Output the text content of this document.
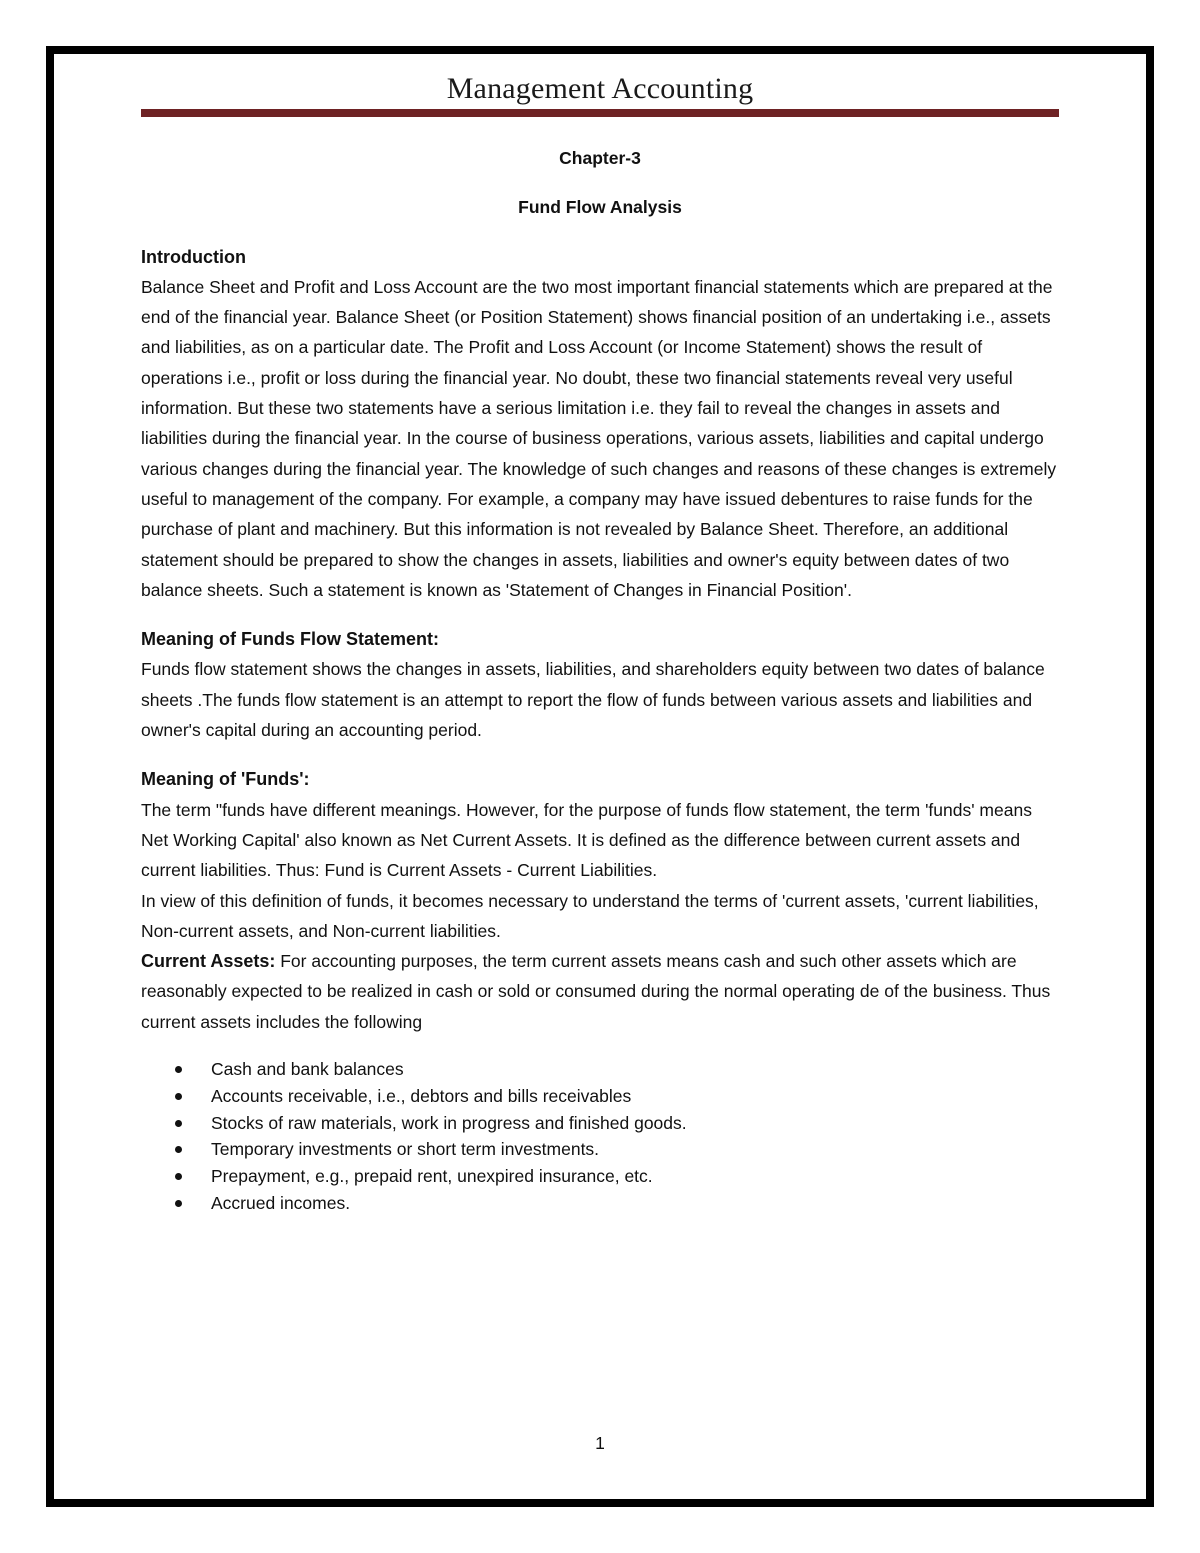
Management Accounting

Chapter-3

Fund Flow Analysis

Introduction

Balance Sheet and Profit and Loss Account are the two most important financial statements which are prepared at the end of the financial year. Balance Sheet (or Position Statement) shows financial position of an undertaking i.e., assets and liabilities, as on a particular date. The Profit and Loss Account (or Income Statement) shows the result of operations i.e., profit or loss during the financial year. No doubt, these two financial statements reveal very useful information. But these two statements have a serious limitation i.e. they fail to reveal the changes in assets and liabilities during the financial year. In the course of business operations, various assets, liabilities and capital undergo various changes during the financial year. The knowledge of such changes and reasons of these changes is extremely useful to management of the company. For example, a company may have issued debentures to raise funds for the purchase of plant and machinery. But this information is not revealed by Balance Sheet. Therefore, an additional statement should be prepared to show the changes in assets, liabilities and owner's equity between dates of two balance sheets. Such a statement is known as 'Statement of Changes in Financial Position'.

Meaning of Funds Flow Statement:

Funds flow statement shows the changes in assets, liabilities, and shareholders equity between two dates of balance sheets .The funds flow statement is an attempt to report the flow of funds between various assets and liabilities and owner's capital during an accounting period.

Meaning of 'Funds':

The term "funds have different meanings. However, for the purpose of funds flow statement, the term 'funds' means Net Working Capital' also known as Net Current Assets. It is defined as the difference between current assets and current liabilities. Thus: Fund is Current Assets - Current Liabilities.

In view of this definition of funds, it becomes necessary to understand the terms of 'current assets, 'current liabilities, Non-current assets, and Non-current liabilities.

Current Assets: For accounting purposes, the term current assets means cash and such other assets which are reasonably expected to be realized in cash or sold or consumed during the normal operating de of the business. Thus current assets includes the following

Cash and bank balances
Accounts receivable, i.e., debtors and bills receivables
Stocks of raw materials, work in progress and finished goods.
Temporary investments or short term investments.
Prepayment, e.g., prepaid rent, unexpired insurance, etc.
Accrued incomes.
1
